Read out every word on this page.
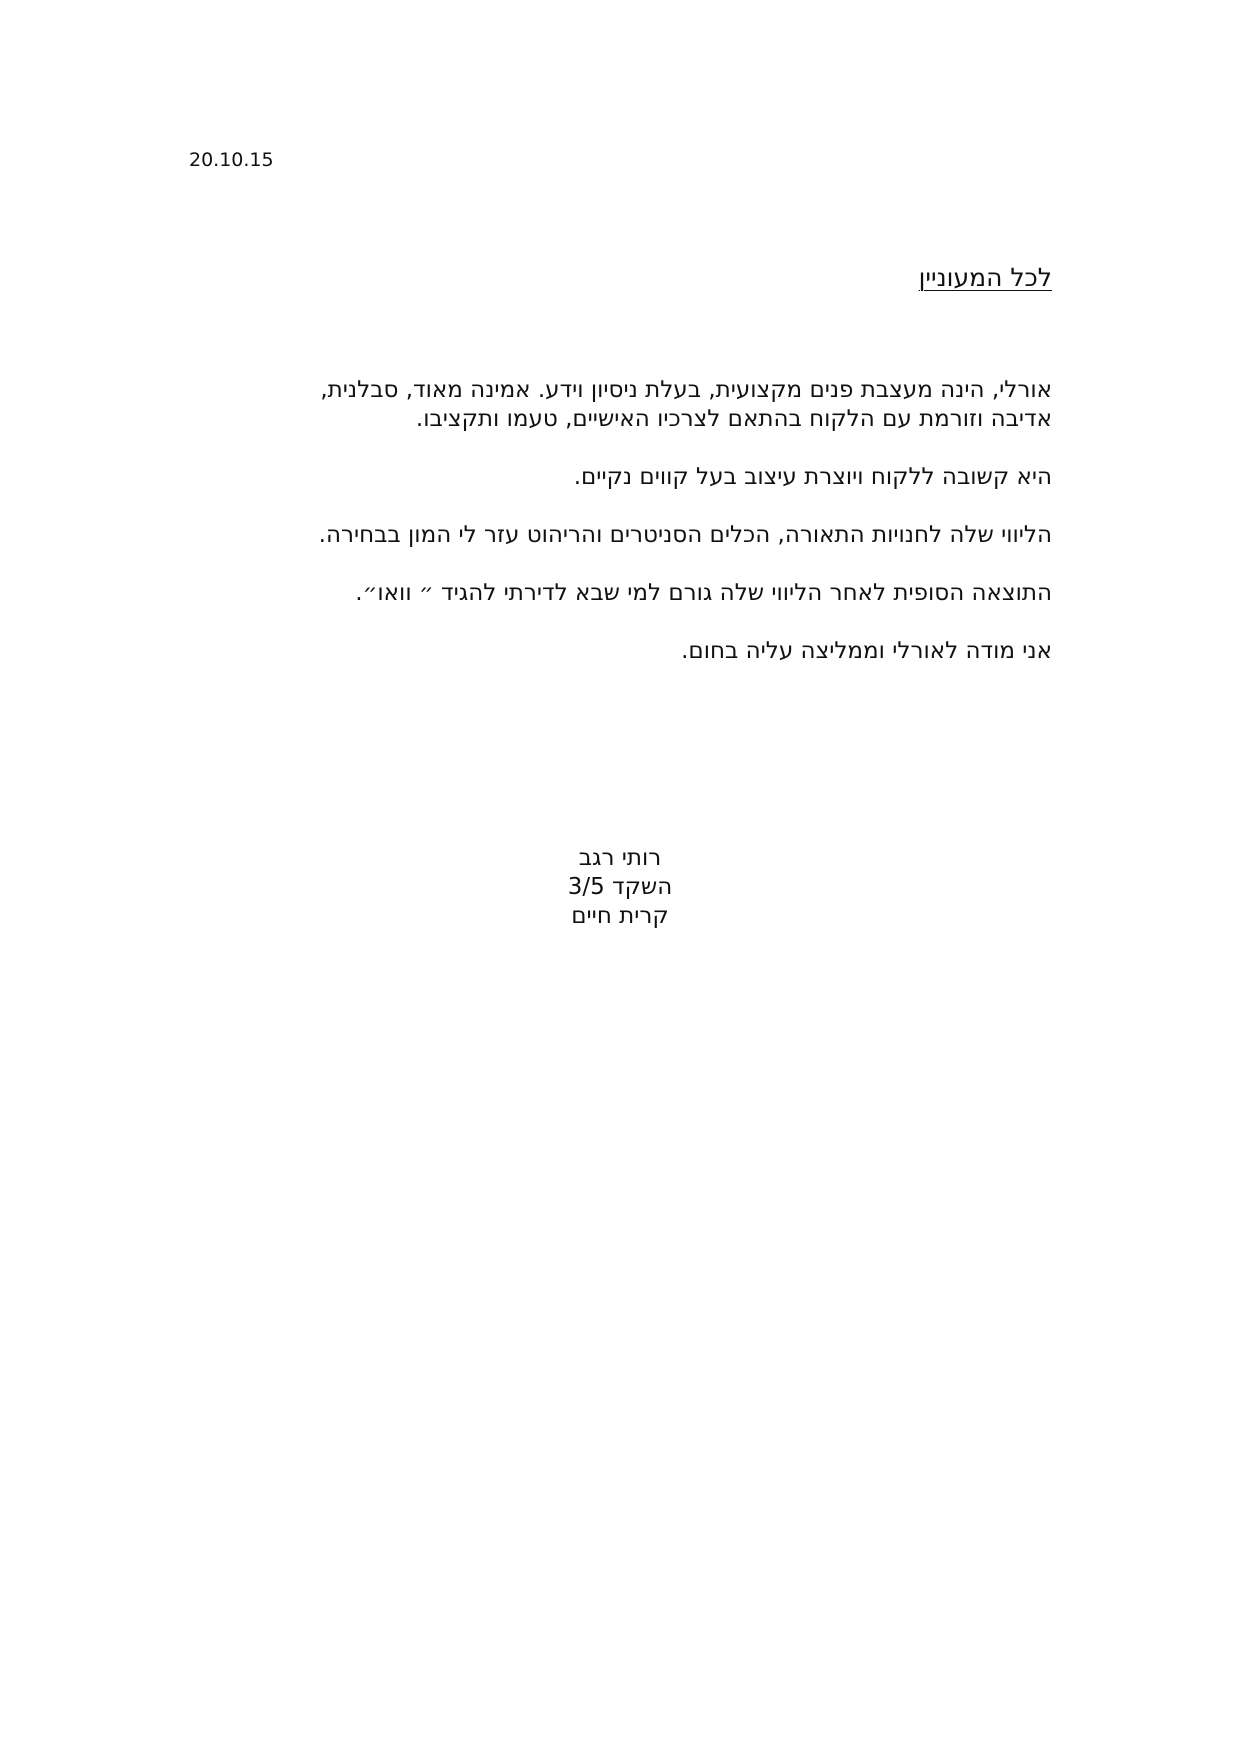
20.10.15
לכל המעוניין

אורלי, הינה מעצבת פנים מקצועית, בעלת ניסיון וידע. אמינה מאוד, סבלנית,
אדיבה וזורמת עם הלקוח בהתאם לצרכיו האישיים, טעמו ותקציבו.

היא קשובה ללקוח ויוצרת עיצוב בעל קווים נקיים.

הליווי שלה לחנויות התאורה, הכלים הסניטרים והריהוט עזר לי המון בבחירה.

התוצאה הסופית לאחר הליווי שלה גורם למי שבא לדירתי להגיד ״ וואו״.

אני מודה לאורלי וממליצה עליה בחום.

רותי רגב
השקד 3/5
קרית חיים
